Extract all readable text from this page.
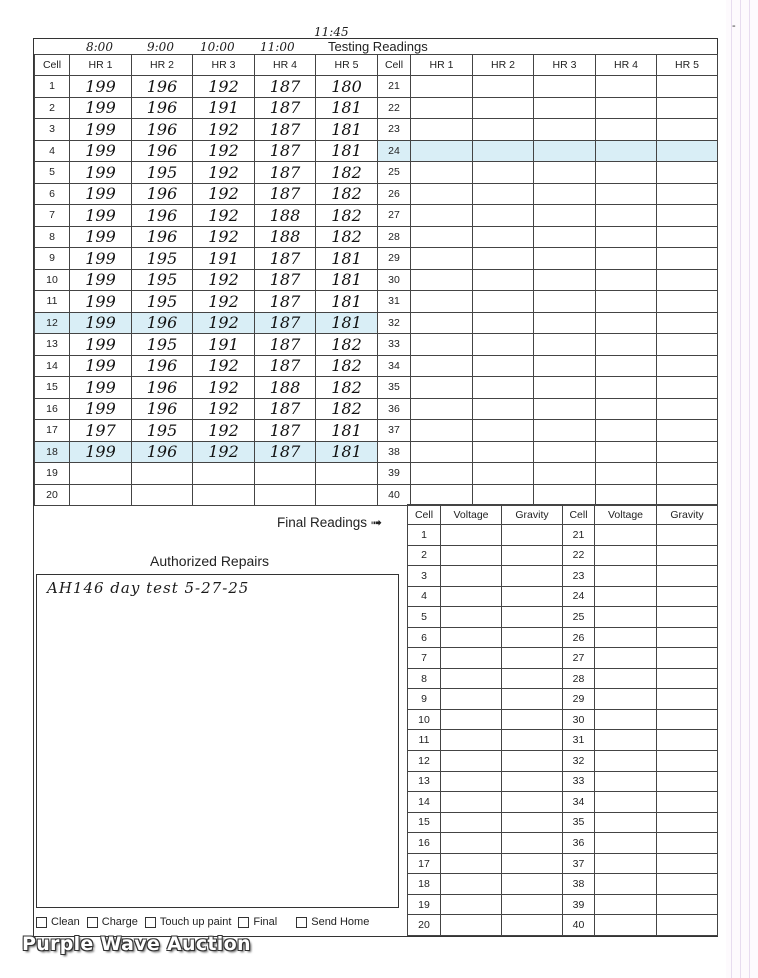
8:00	9:00 10:00 11:00
11:45
Testing Readings
-
Cell	HR 1	HR 2	HR 3	HR 4	HR 5	Cell	HR 1	HR 2	HR 3	HR 4	HR 5
1	199	196	192	187	180	21					
2	199	196	191	187	181	22					
3	199	196	192	187	181	23					
4	199	196	192	187	181	24					
5	199	195	192	187	182	25					
6	199	196	192	187	182	26					
7	199	196	192	188	182	27					
8	199	196	192	188	182	28					
9	199	195	191	187	181	29					
10	199	195	192	187	181	30					
11	199	195	192	187	181	31					
12	199	196	192	187	181	32					
13	199	195	191	187	182	33					
14	199	196	192	187	182	34					
15	199	196	192	188	182	35					
16	199	196	192	187	182	36					
17	197	195	192	187	181	37					
18	199	196	192	187	181	38					
19						39					
20						40					
Final Readings ➟
Cell	Voltage	Gravity	Cell	Voltage	Gravity
1			21		
2			22		
3			23		
4			24		
5			25		
6			26		
7			27		
8			28		
9			29		
10			30		
11			31		
12			32		
13			33		
14			34		
15			35		
16			36		
17			37		
18			38		
19			39		
20			40		
Authorized Repairs
AH146 day test 5-27-25
Clean Charge Touch up paint Final	Send Home
Purple Wave Auction
